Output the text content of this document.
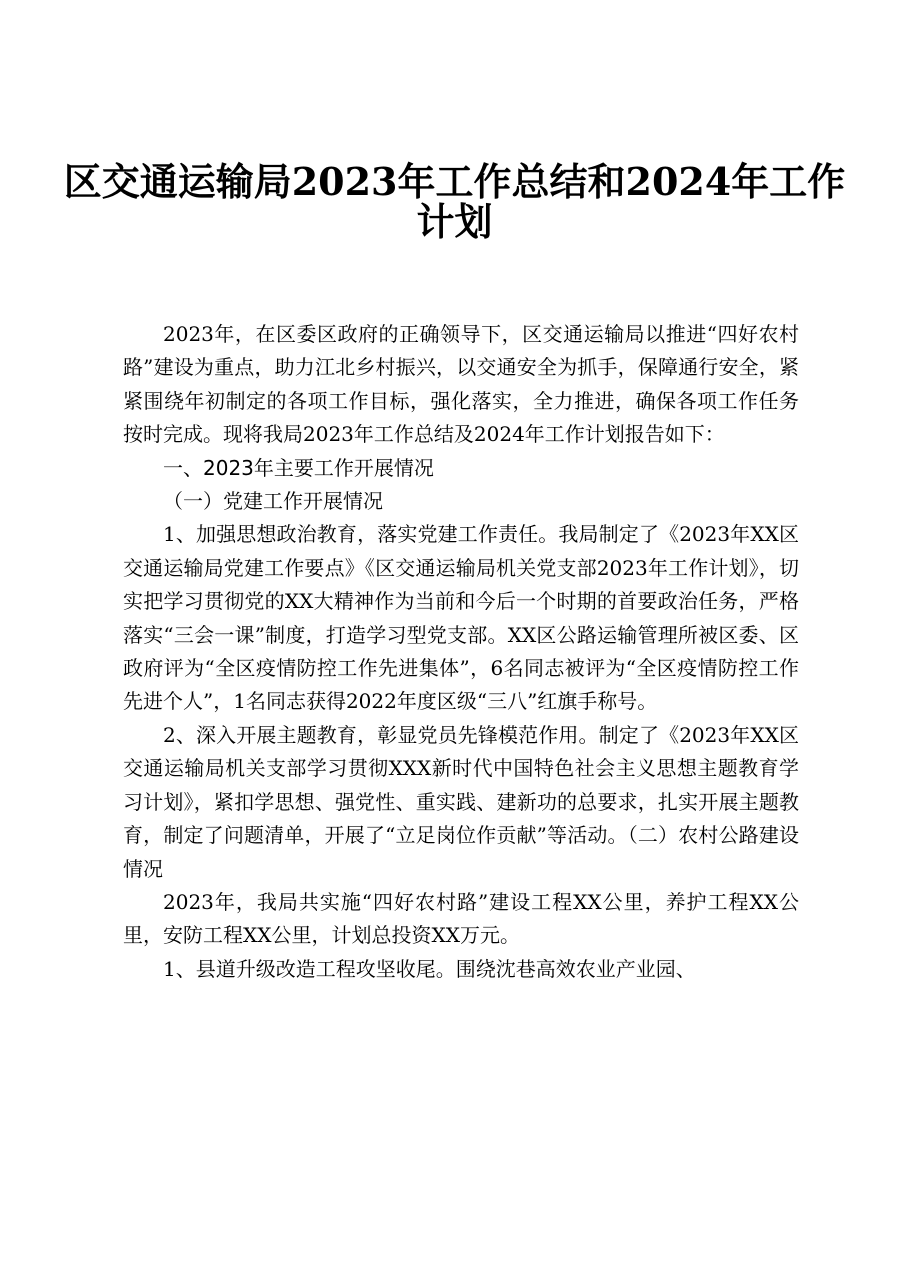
区交通运输局2023年工作总结和2024年工作
计划

2023年，在区委区政府的正确领导下，区交通运输局以推进“四好农村路”建设为重点，助力江北乡村振兴，以交通安全为抓手，保障通行安全，紧紧围绕年初制定的各项工作目标，强化落实，全力推进，确保各项工作任务按时完成。现将我局2023年工作总结及2024年工作计划报告如下：

一、2023年主要工作开展情况

（一）党建工作开展情况

1、加强思想政治教育，落实党建工作责任。我局制定了《2023年XX区交通运输局党建工作要点》《区交通运输局机关党支部2023年工作计划》，切实把学习贯彻党的XX大精神作为当前和今后一个时期的首要政治任务，严格落实“三会一课”制度，打造学习型党支部。XX区公路运输管理所被区委、区政府评为“全区疫情防控工作先进集体”，6名同志被评为“全区疫情防控工作先进个人”，1名同志获得2022年度区级“三八”红旗手称号。

2、深入开展主题教育，彰显党员先锋模范作用。制定了《2023年XX区交通运输局机关支部学习贯彻XXX新时代中国特色社会主义思想主题教育学习计划》，紧扣学思想、强党性、重实践、建新功的总要求，扎实开展主题教育，制定了问题清单，开展了“立足岗位作贡献”等活动。（二）农村公路建设情况

2023年，我局共实施“四好农村路”建设工程XX公里，养护工程XX公里，安防工程XX公里，计划总投资XX万元。

1、县道升级改造工程攻坚收尾。围绕沈巷高效农业产业园、
